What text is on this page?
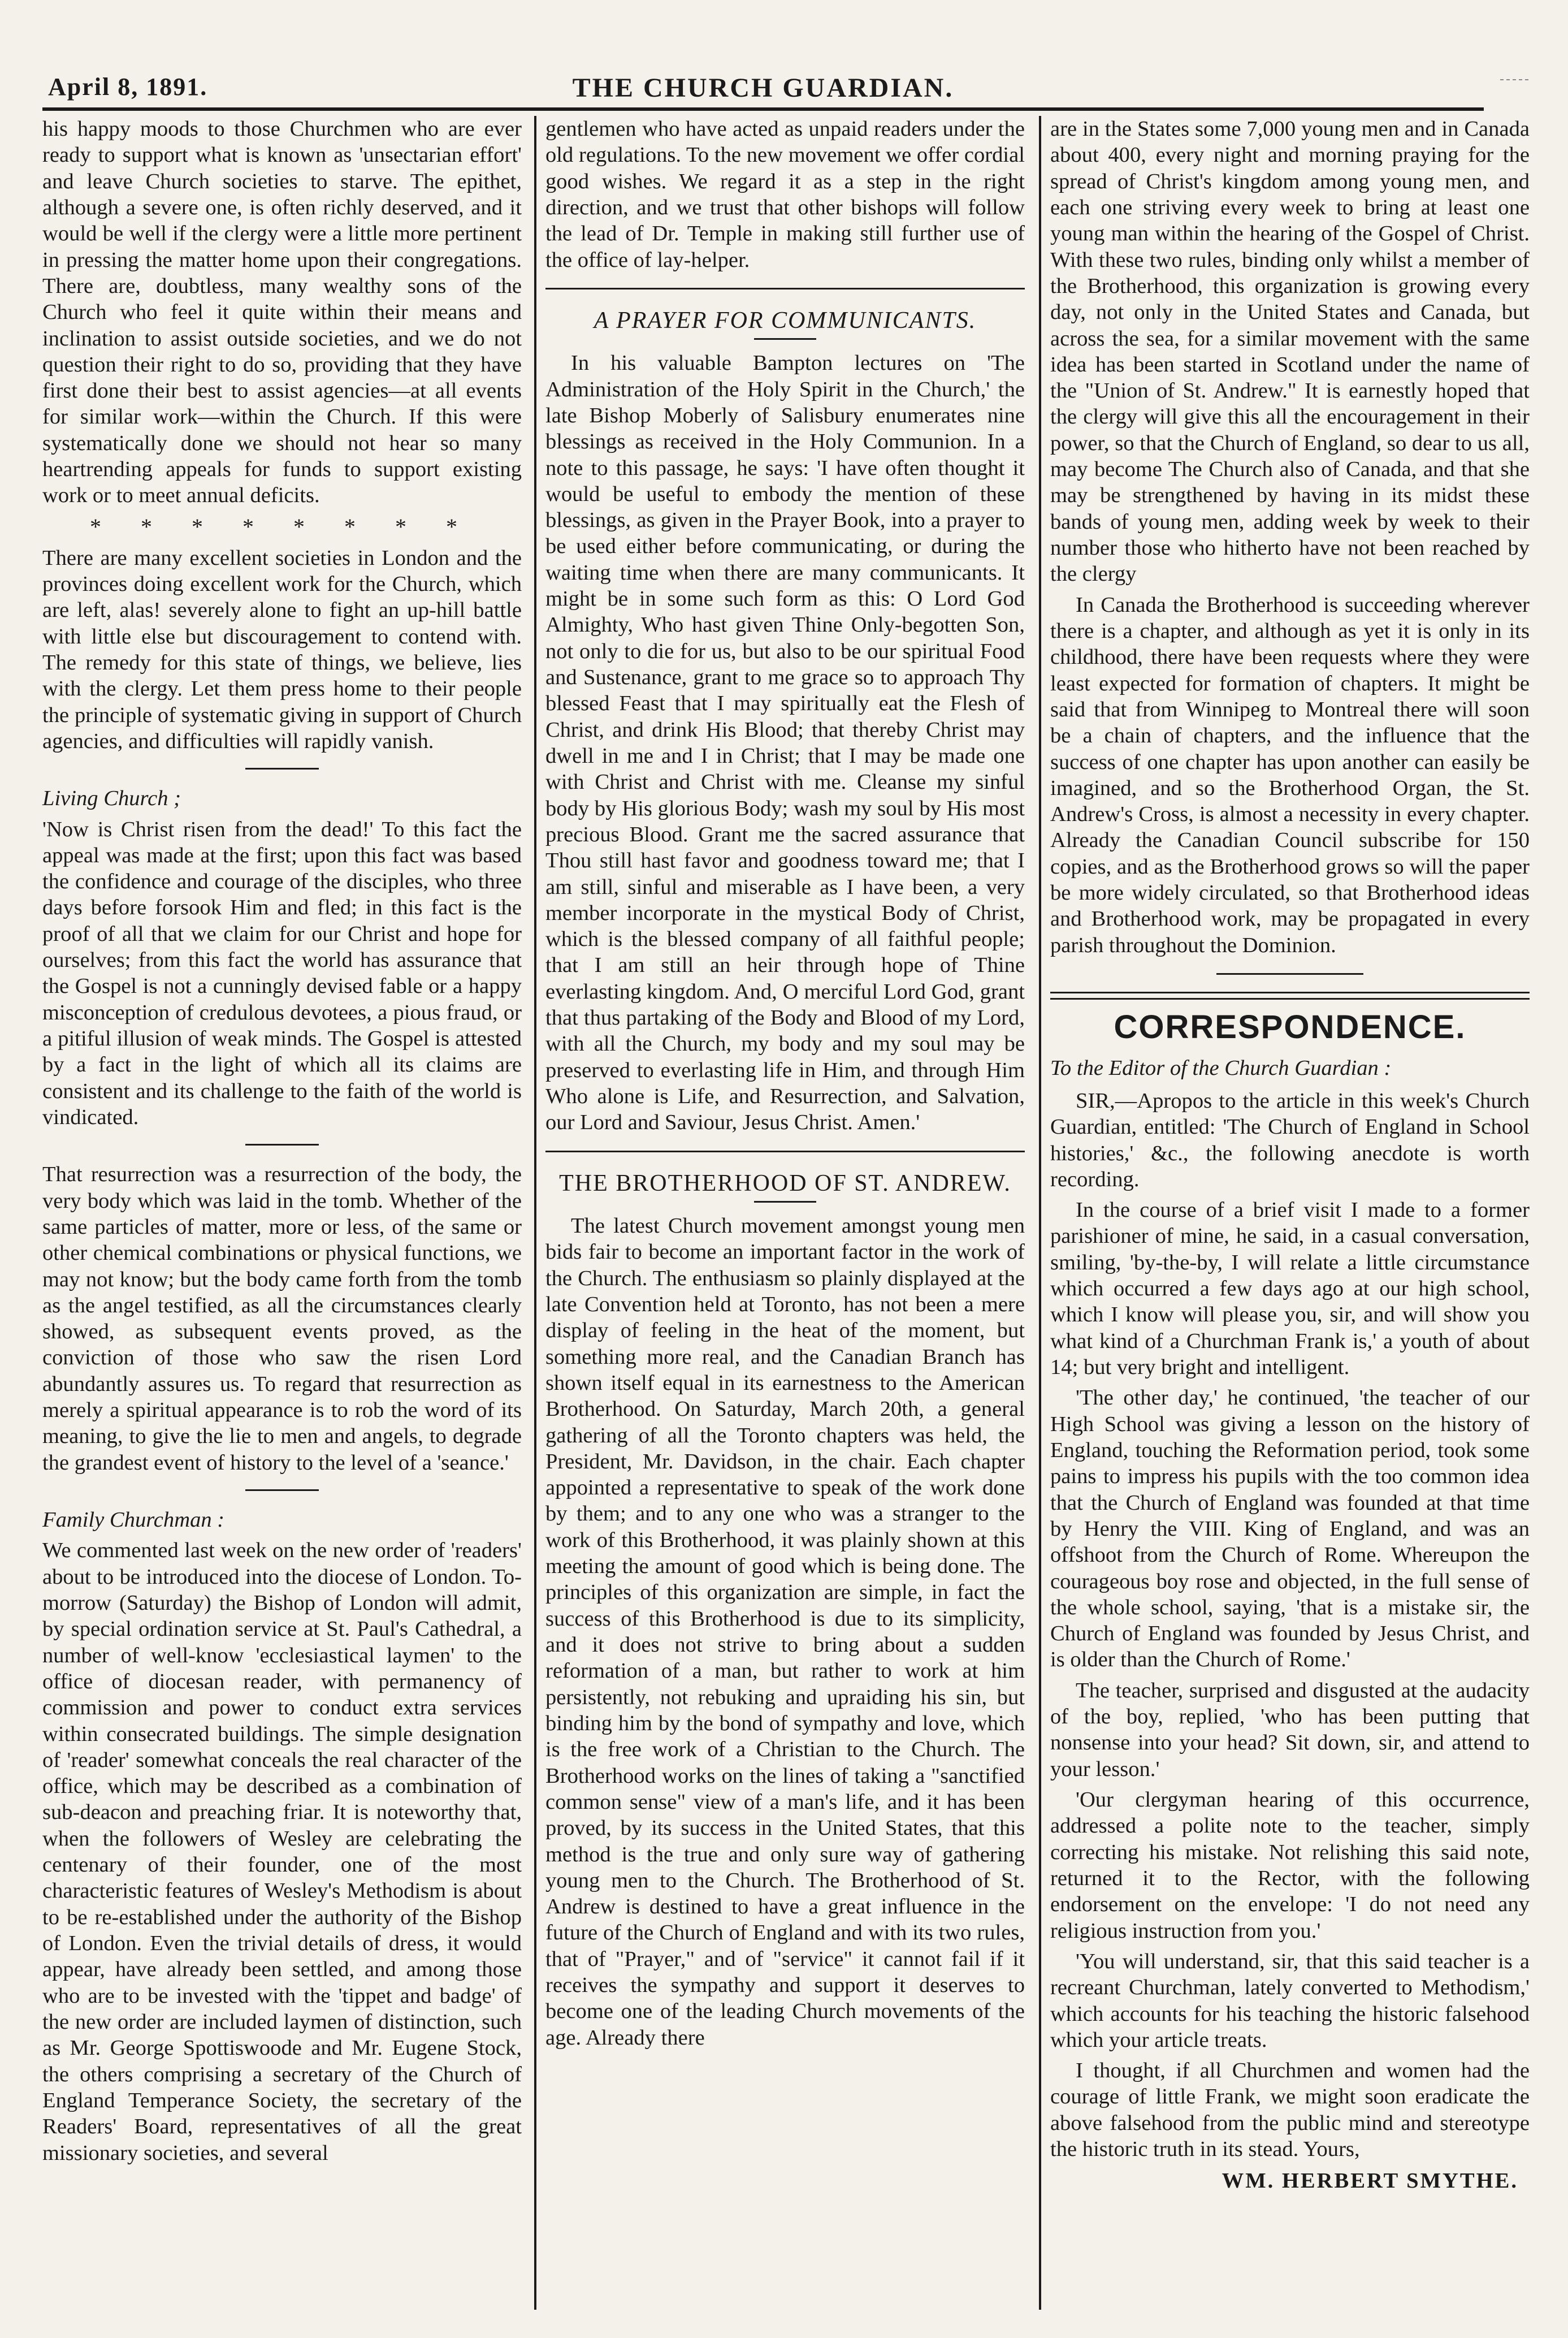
April 8, 1891.	THE CHURCH GUARDIAN.

his happy moods to those Churchmen who are ever ready to support what is known as 'unsectarian effort' and leave Church societies to starve. The epithet, although a severe one, is often richly deserved, and it would be well if the clergy were a little more pertinent in pressing the matter home upon their congregations. There are, doubtless, many wealthy sons of the Church who feel it quite within their means and inclination to assist outside societies, and we do not question their right to do so, providing that they have first done their best to assist agencies—at all events for similar work—within the Church. If this were systematically done we should not hear so many heartrending appeals for funds to support existing work or to meet annual deficits.

* * * * * * * *

There are many excellent societies in London and the provinces doing excellent work for the Church, which are left, alas! severely alone to fight an up-hill battle with little else but discouragement to contend with. The remedy for this state of things, we believe, lies with the clergy. Let them press home to their people the principle of systematic giving in support of Church agencies, and difficulties will rapidly vanish.

Living Church ;

'Now is Christ risen from the dead!' To this fact the appeal was made at the first; upon this fact was based the confidence and courage of the disciples, who three days before forsook Him and fled; in this fact is the proof of all that we claim for our Christ and hope for ourselves; from this fact the world has assurance that the Gospel is not a cunningly devised fable or a happy misconception of credulous devotees, a pious fraud, or a pitiful illusion of weak minds. The Gospel is attested by a fact in the light of which all its claims are consistent and its challenge to the faith of the world is vindicated.

That resurrection was a resurrection of the body, the very body which was laid in the tomb. Whether of the same particles of matter, more or less, of the same or other chemical combinations or physical functions, we may not know; but the body came forth from the tomb as the angel testified, as all the circumstances clearly showed, as subsequent events proved, as the conviction of those who saw the risen Lord abundantly assures us. To regard that resurrection as merely a spiritual appearance is to rob the word of its meaning, to give the lie to men and angels, to degrade the grandest event of history to the level of a 'seance.'

Family Churchman :

We commented last week on the new order of 'readers' about to be introduced into the diocese of London. To-morrow (Saturday) the Bishop of London will admit, by special ordination service at St. Paul's Cathedral, a number of well-know 'ecclesiastical laymen' to the office of diocesan reader, with permanency of commission and power to conduct extra services within consecrated buildings. The simple designation of 'reader' somewhat conceals the real character of the office, which may be described as a combination of sub-deacon and preaching friar. It is noteworthy that, when the followers of Wesley are celebrating the centenary of their founder, one of the most characteristic features of Wesley's Methodism is about to be re-established under the authority of the Bishop of London. Even the trivial details of dress, it would appear, have already been settled, and among those who are to be invested with the 'tippet and badge' of the new order are included laymen of distinction, such as Mr. George Spottiswoode and Mr. Eugene Stock, the others comprising a secretary of the Church of England Temperance Society, the secretary of the Readers' Board, representatives of all the great missionary societies, and several

gentlemen who have acted as unpaid readers under the old regulations. To the new movement we offer cordial good wishes. We regard it as a step in the right direction, and we trust that other bishops will follow the lead of Dr. Temple in making still further use of the office of lay-helper.

A PRAYER FOR COMMUNICANTS.

In his valuable Bampton lectures on 'The Administration of the Holy Spirit in the Church,' the late Bishop Moberly of Salisbury enumerates nine blessings as received in the Holy Communion. In a note to this passage, he says: 'I have often thought it would be useful to embody the mention of these blessings, as given in the Prayer Book, into a prayer to be used either before communicating, or during the waiting time when there are many communicants. It might be in some such form as this: O Lord God Almighty, Who hast given Thine Only-begotten Son, not only to die for us, but also to be our spiritual Food and Sustenance, grant to me grace so to approach Thy blessed Feast that I may spiritually eat the Flesh of Christ, and drink His Blood; that thereby Christ may dwell in me and I in Christ; that I may be made one with Christ and Christ with me. Cleanse my sinful body by His glorious Body; wash my soul by His most precious Blood. Grant me the sacred assurance that Thou still hast favor and goodness toward me; that I am still, sinful and miserable as I have been, a very member incorporate in the mystical Body of Christ, which is the blessed company of all faithful people; that I am still an heir through hope of Thine everlasting kingdom. And, O merciful Lord God, grant that thus partaking of the Body and Blood of my Lord, with all the Church, my body and my soul may be preserved to everlasting life in Him, and through Him Who alone is Life, and Resurrection, and Salvation, our Lord and Saviour, Jesus Christ. Amen.'

THE BROTHERHOOD OF ST. ANDREW.

The latest Church movement amongst young men bids fair to become an important factor in the work of the Church. The enthusiasm so plainly displayed at the late Convention held at Toronto, has not been a mere display of feeling in the heat of the moment, but something more real, and the Canadian Branch has shown itself equal in its earnestness to the American Brotherhood. On Saturday, March 20th, a general gathering of all the Toronto chapters was held, the President, Mr. Davidson, in the chair. Each chapter appointed a representative to speak of the work done by them; and to any one who was a stranger to the work of this Brotherhood, it was plainly shown at this meeting the amount of good which is being done. The principles of this organization are simple, in fact the success of this Brotherhood is due to its simplicity, and it does not strive to bring about a sudden reformation of a man, but rather to work at him persistently, not rebuking and upraiding his sin, but binding him by the bond of sympathy and love, which is the free work of a Christian to the Church. The Brotherhood works on the lines of taking a "sanctified common sense" view of a man's life, and it has been proved, by its success in the United States, that this method is the true and only sure way of gathering young men to the Church. The Brotherhood of St. Andrew is destined to have a great influence in the future of the Church of England and with its two rules, that of "Prayer," and of "service" it cannot fail if it receives the sympathy and support it deserves to become one of the leading Church movements of the age. Already there

are in the States some 7,000 young men and in Canada about 400, every night and morning praying for the spread of Christ's kingdom among young men, and each one striving every week to bring at least one young man within the hearing of the Gospel of Christ. With these two rules, binding only whilst a member of the Brotherhood, this organization is growing every day, not only in the United States and Canada, but across the sea, for a similar movement with the same idea has been started in Scotland under the name of the "Union of St. Andrew." It is earnestly hoped that the clergy will give this all the encouragement in their power, so that the Church of England, so dear to us all, may become The Church also of Canada, and that she may be strengthened by having in its midst these bands of young men, adding week by week to their number those who hitherto have not been reached by the clergy

In Canada the Brotherhood is succeeding wherever there is a chapter, and although as yet it is only in its childhood, there have been requests where they were least expected for formation of chapters. It might be said that from Winnipeg to Montreal there will soon be a chain of chapters, and the influence that the success of one chapter has upon another can easily be imagined, and so the Brotherhood Organ, the St. Andrew's Cross, is almost a necessity in every chapter. Already the Canadian Council subscribe for 150 copies, and as the Brotherhood grows so will the paper be more widely circulated, so that Brotherhood ideas and Brotherhood work, may be propagated in every parish throughout the Dominion.

CORRESPONDENCE.
To the Editor of the Church Guardian :

SIR,—Apropos to the article in this week's Church Guardian, entitled: 'The Church of England in School histories,' &c., the following anecdote is worth recording.

In the course of a brief visit I made to a former parishioner of mine, he said, in a casual conversation, smiling, 'by-the-by, I will relate a little circumstance which occurred a few days ago at our high school, which I know will please you, sir, and will show you what kind of a Churchman Frank is,' a youth of about 14; but very bright and intelligent.

'The other day,' he continued, 'the teacher of our High School was giving a lesson on the history of England, touching the Reformation period, took some pains to impress his pupils with the too common idea that the Church of England was founded at that time by Henry the VIII. King of England, and was an offshoot from the Church of Rome. Whereupon the courageous boy rose and objected, in the full sense of the whole school, saying, 'that is a mistake sir, the Church of England was founded by Jesus Christ, and is older than the Church of Rome.'

The teacher, surprised and disgusted at the audacity of the boy, replied, 'who has been putting that nonsense into your head? Sit down, sir, and attend to your lesson.'

'Our clergyman hearing of this occurrence, addressed a polite note to the teacher, simply correcting his mistake. Not relishing this said note, returned it to the Rector, with the following endorsement on the envelope: 'I do not need any religious instruction from you.'

'You will understand, sir, that this said teacher is a recreant Churchman, lately converted to Methodism,' which accounts for his teaching the historic falsehood which your article treats.

I thought, if all Churchmen and women had the courage of little Frank, we might soon eradicate the above falsehood from the public mind and stereotype the historic truth in its stead. Yours,

WM. HERBERT SMYTHE.
